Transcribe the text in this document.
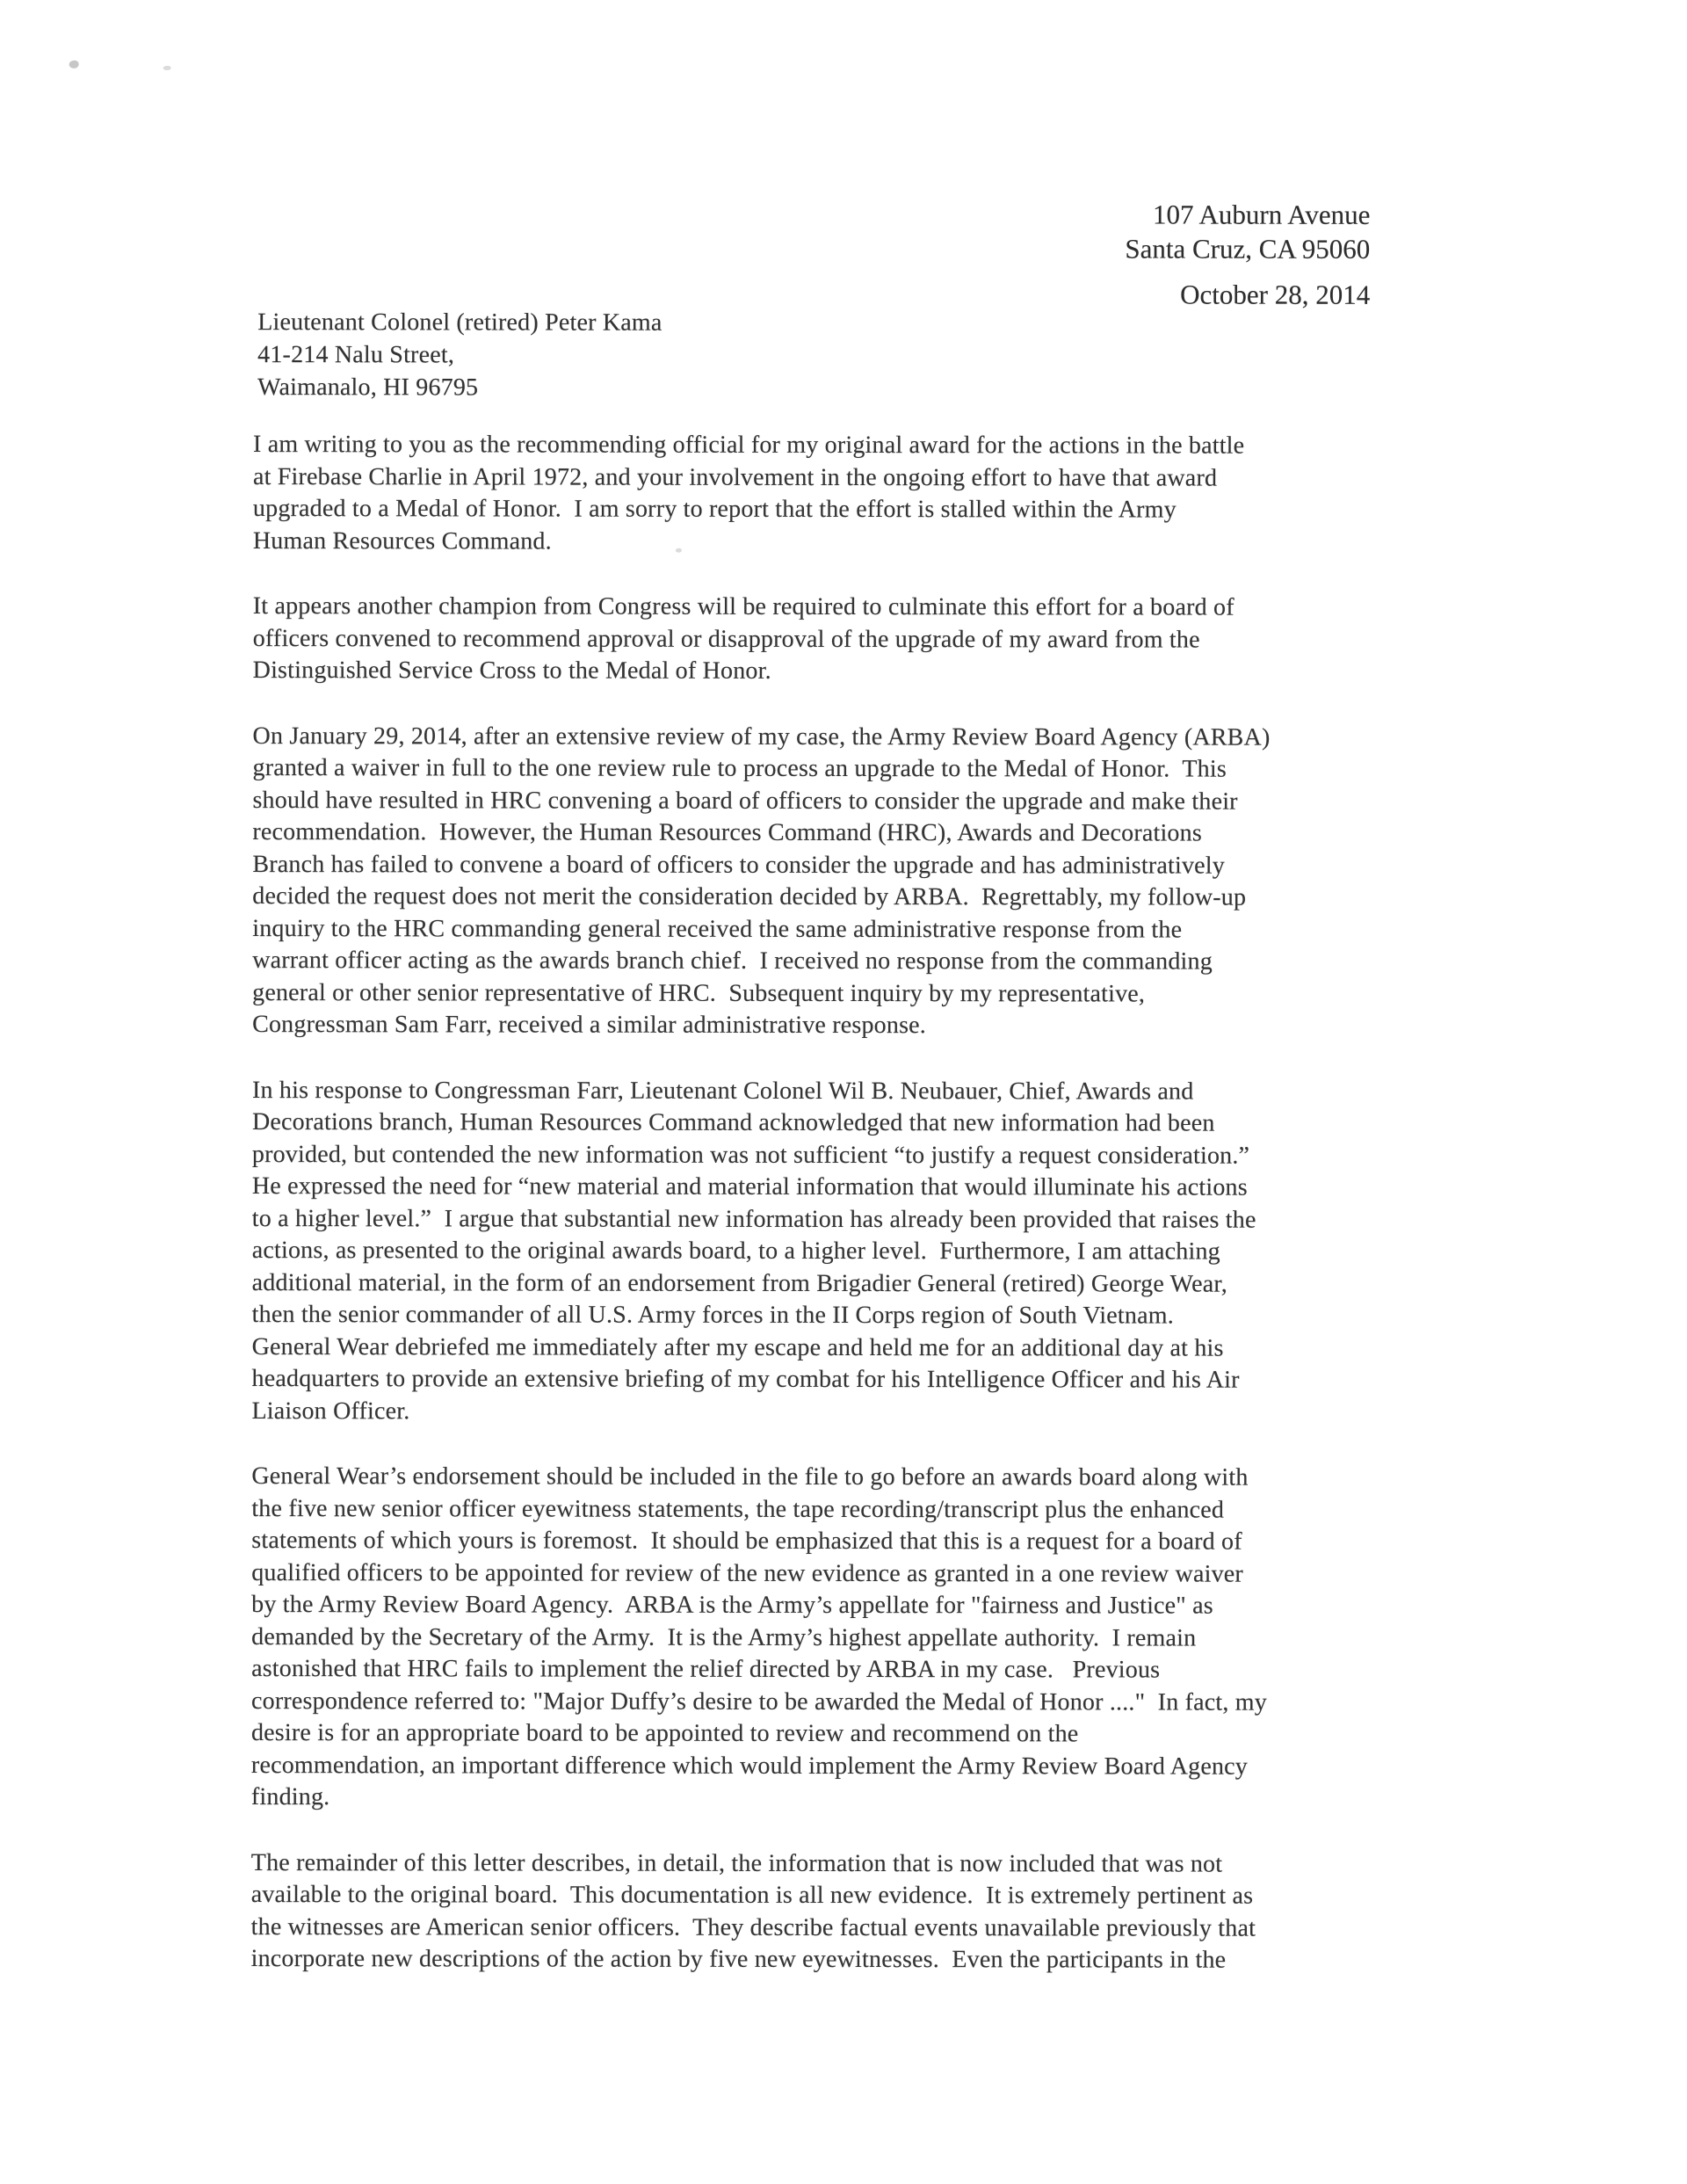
107 Auburn Avenue
Santa Cruz, CA 95060
October 28, 2014
Lieutenant Colonel (retired) Peter Kama
41-214 Nalu Street,
Waimanalo, HI 96795

I am writing to you as the recommending official for my original award for the actions in the battle
at Firebase Charlie in April 1972, and your involvement in the ongoing effort to have that award
upgraded to a Medal of Honor.  I am sorry to report that the effort is stalled within the Army
Human Resources Command.

It appears another champion from Congress will be required to culminate this effort for a board of
officers convened to recommend approval or disapproval of the upgrade of my award from the
Distinguished Service Cross to the Medal of Honor.

On January 29, 2014, after an extensive review of my case, the Army Review Board Agency (ARBA)
granted a waiver in full to the one review rule to process an upgrade to the Medal of Honor.  This
should have resulted in HRC convening a board of officers to consider the upgrade and make their
recommendation.  However, the Human Resources Command (HRC), Awards and Decorations
Branch has failed to convene a board of officers to consider the upgrade and has administratively
decided the request does not merit the consideration decided by ARBA.  Regrettably, my follow-up
inquiry to the HRC commanding general received the same administrative response from the
warrant officer acting as the awards branch chief.  I received no response from the commanding
general or other senior representative of HRC.  Subsequent inquiry by my representative,
Congressman Sam Farr, received a similar administrative response.

In his response to Congressman Farr, Lieutenant Colonel Wil B. Neubauer, Chief, Awards and
Decorations branch, Human Resources Command acknowledged that new information had been
provided, but contended the new information was not sufficient “to justify a request consideration.”
He expressed the need for “new material and material information that would illuminate his actions
to a higher level.”  I argue that substantial new information has already been provided that raises the
actions, as presented to the original awards board, to a higher level.  Furthermore, I am attaching
additional material, in the form of an endorsement from Brigadier General (retired) George Wear,
then the senior commander of all U.S. Army forces in the II Corps region of South Vietnam.
General Wear debriefed me immediately after my escape and held me for an additional day at his
headquarters to provide an extensive briefing of my combat for his Intelligence Officer and his Air
Liaison Officer.

General Wear’s endorsement should be included in the file to go before an awards board along with
the five new senior officer eyewitness statements, the tape recording/transcript plus the enhanced
statements of which yours is foremost.  It should be emphasized that this is a request for a board of
qualified officers to be appointed for review of the new evidence as granted in a one review waiver
by the Army Review Board Agency.  ARBA is the Army’s appellate for "fairness and Justice" as
demanded by the Secretary of the Army.  It is the Army’s highest appellate authority.  I remain
astonished that HRC fails to implement the relief directed by ARBA in my case.   Previous
correspondence referred to: "Major Duffy’s desire to be awarded the Medal of Honor ...."  In fact, my
desire is for an appropriate board to be appointed to review and recommend on the
recommendation, an important difference which would implement the Army Review Board Agency
finding.

The remainder of this letter describes, in detail, the information that is now included that was not
available to the original board.  This documentation is all new evidence.  It is extremely pertinent as
the witnesses are American senior officers.  They describe factual events unavailable previously that
incorporate new descriptions of the action by five new eyewitnesses.  Even the participants in the
